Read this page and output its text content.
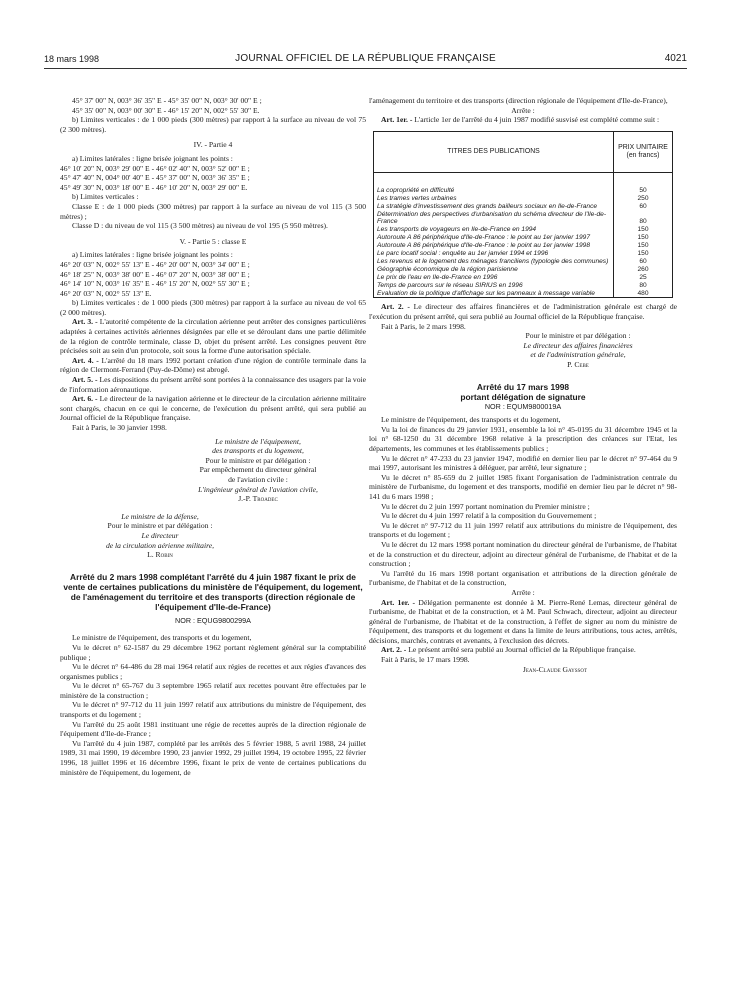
18 mars 1998	JOURNAL OFFICIEL DE LA RÉPUBLIQUE FRANÇAISE	4021

45° 37' 00" N, 003° 36' 35" E - 45° 35' 00" N, 003° 30' 00" E ;

45° 35' 00" N, 003° 00' 30" E - 46° 15' 20" N, 002° 55' 30" E.

b) Limites verticales : de 1 000 pieds (300 mètres) par rapport à la surface au niveau de vol 75 (2 300 mètres).

IV. - Partie 4

a) Limites latérales : ligne brisée joignant les points :

46° 10' 20" N, 003° 29' 00" E - 46° 02' 40" N, 003° 52' 00" E ;

45° 47' 40" N, 004° 00' 40" E - 45° 37' 00" N, 003° 36' 35" E ;

45° 49' 30" N, 003° 18' 00" E - 46° 10' 20" N, 003° 29' 00" E.

b) Limites verticales :

Classe E : de 1 000 pieds (300 mètres) par rapport à la surface au niveau de vol 115 (3 500 mètres) ;

Classe D : du niveau de vol 115 (3 500 mètres) au niveau de vol 195 (5 950 mètres).

V. - Partie 5 : classe E

a) Limites latérales : ligne brisée joignant les points :

46° 20' 03" N, 002° 55' 13" E - 46° 20' 00" N, 003° 34' 00" E ;

46° 18' 25" N, 003° 38' 00" E - 46° 07' 20" N, 003° 38' 00" E ;

46° 14' 10" N, 003° 16' 35" E - 46° 15' 20" N, 002° 55' 30" E ;

46° 20' 03" N, 002° 55' 13" E.

b) Limites verticales : de 1 000 pieds (300 mètres) par rapport à la surface au niveau de vol 65 (2 000 mètres).

Art. 3. - L'autorité compétente de la circulation aérienne peut arrêter des consignes particulières adaptées à certaines activités aériennes désignées par elle et se déroulant dans une partie délimitée de la région de contrôle terminale, classe D, objet du présent arrêté. Les consignes peuvent être précisées soit au sein d'un protocole, soit sous la forme d'une autorisation spéciale.

Art. 4. - L'arrêté du 18 mars 1992 portant création d'une région de contrôle terminale dans la région de Clermont-Ferrand (Puy-de-Dôme) est abrogé.

Art. 5. - Les dispositions du présent arrêté sont portées à la connaissance des usagers par la voie de l'information aéronautique.

Art. 6. - Le directeur de la navigation aérienne et le directeur de la circulation aérienne militaire sont chargés, chacun en ce qui le concerne, de l'exécution du présent arrêté, qui sera publié au Journal officiel de la République française.

Fait à Paris, le 30 janvier 1998.

Le ministre de l'équipement,
des transports et du logement,
Pour le ministre et par délégation :
Par empêchement du directeur général
de l'aviation civile :
L'ingénieur général de l'aviation civile,
J.-P. Troadec
Le ministre de la défense,
Pour le ministre et par délégation :
Le directeur
de la circulation aérienne militaire,
L. Robin

Arrêté du 2 mars 1998 complétant l'arrêté du 4 juin 1987 fixant le prix de vente de certaines publications du ministère de l'équipement, du logement, de l'aménagement du territoire et des transports (direction régionale de l'équipement d'Ile-de-France)

NOR : EQUG9800299A

Le ministre de l'équipement, des transports et du logement,

Vu le décret n° 62-1587 du 29 décembre 1962 portant règlement général sur la comptabilité publique ;

Vu le décret n° 64-486 du 28 mai 1964 relatif aux régies de recettes et aux régies d'avances des organismes publics ;

Vu le décret n° 65-767 du 3 septembre 1965 relatif aux recettes pouvant être effectuées par le ministère de la construction ;

Vu le décret n° 97-712 du 11 juin 1997 relatif aux attributions du ministre de l'équipement, des transports et du logement ;

Vu l'arrêté du 25 août 1981 instituant une régie de recettes auprès de la direction régionale de l'équipement d'Ile-de-France ;

Vu l'arrêté du 4 juin 1987, complété par les arrêtés des 5 février 1988, 5 avril 1988, 24 juillet 1989, 31 mai 1990, 19 décembre 1990, 23 janvier 1992, 29 juillet 1994, 19 octobre 1995, 22 février 1996, 18 juillet 1996 et 16 décembre 1996, fixant le prix de vente de certaines publications du ministère de l'équipement, du logement, de

l'aménagement du territoire et des transports (direction régionale de l'équipement d'Ile-de-France),

Arrête :

Art. 1er. - L'article 1er de l'arrêté du 4 juin 1987 modifié susvisé est complété comme suit :

TITRES DES PUBLICATIONS	PRIX UNITAIRE
(en francs)

La copropriété en difficulté	50
Les trames vertes urbaines	250
La stratégie d'investissement des grands bailleurs sociaux en Ile-de-France	60
Détermination des perspectives d'urbanisation du schéma directeur de l'Ile-de-France	80
Les transports de voyageurs en Ile-de-France en 1994	150
Autoroute A 86 périphérique d'Ile-de-France : le point au 1er janvier 1997	150
Autoroute A 86 périphérique d'Ile-de-France : le point au 1er janvier 1998	150
Le parc locatif social : enquête au 1er janvier 1994 et 1996	150
Les revenus et le logement des ménages franciliens (typologie des communes)	60
Géographie économique de la région parisienne	260
Le prix de l'eau en Ile-de-France en 1996	25
Temps de parcours sur le réseau SIRIUS en 1996	80
Evaluation de la politique d'affichage sur les panneaux à message variable	480

Art. 2. - Le directeur des affaires financières et de l'administration générale est chargé de l'exécution du présent arrêté, qui sera publié au Journal officiel de la République française.

Fait à Paris, le 2 mars 1998.

Pour le ministre et par délégation :
Le directeur des affaires financières
et de l'administration générale,
P. Cebe

Arrêté du 17 mars 1998

portant délégation de signature

NOR : EQUM9800019A

Le ministre de l'équipement, des transports et du logement,

Vu la loi de finances du 29 janvier 1931, ensemble la loi n° 45-0195 du 31 décembre 1945 et la loi n° 68-1250 du 31 décembre 1968 relative à la prescription des créances sur l'Etat, les départements, les communes et les établissements publics ;

Vu le décret n° 47-233 du 23 janvier 1947, modifié en dernier lieu par le décret n° 97-464 du 9 mai 1997, autorisant les ministres à déléguer, par arrêté, leur signature ;

Vu le décret n° 85-659 du 2 juillet 1985 fixant l'organisation de l'administration centrale du ministère de l'urbanisme, du logement et des transports, modifié en dernier lieu par le décret n° 98-141 du 6 mars 1998 ;

Vu le décret du 2 juin 1997 portant nomination du Premier ministre ;

Vu le décret du 4 juin 1997 relatif à la composition du Gouvernement ;

Vu le décret n° 97-712 du 11 juin 1997 relatif aux attributions du ministre de l'équipement, des transports et du logement ;

Vu le décret du 12 mars 1998 portant nomination du directeur général de l'urbanisme, de l'habitat et de la construction et du directeur, adjoint au directeur général de l'urbanisme, de l'habitat et de la construction ;

Vu l'arrêté du 16 mars 1998 portant organisation et attributions de la direction générale de l'urbanisme, de l'habitat et de la construction,

Arrête :

Art. 1er. - Délégation permanente est donnée à M. Pierre-René Lemas, directeur général de l'urbanisme, de l'habitat et de la construction, et à M. Paul Schwach, directeur, adjoint au directeur général de l'urbanisme, de l'habitat et de la construction, à l'effet de signer au nom du ministre de l'équipement, des transports et du logement et dans la limite de leurs attributions, tous actes, arrêtés, décisions, marchés, contrats et avenants, à l'exclusion des décrets.

Art. 2. - Le présent arrêté sera publié au Journal officiel de la République française.

Fait à Paris, le 17 mars 1998.

Jean-Claude Gayssot
